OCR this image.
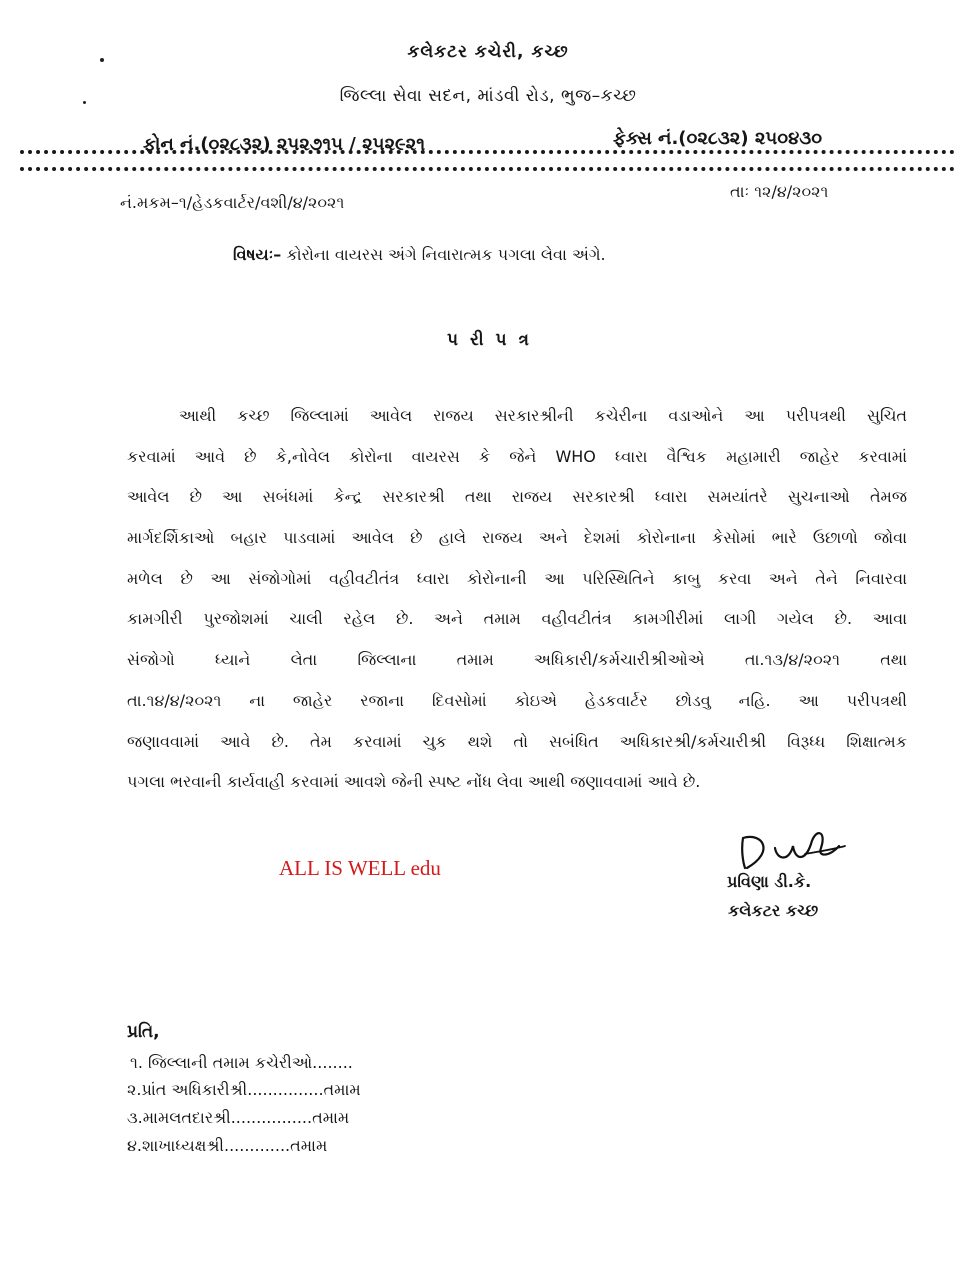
કલેકટર કચેરી, કચ્છ
જિલ્લા સેવા સદન, માંડવી રોડ, ભુજ–કચ્છ
ફોન નં.(૦૨૮૩૨) ૨૫૨૭૧૫ / ૨૫૨૯૨૧	ફેક્સ નં.(૦૨૮૩૨) ૨૫૦૪૩૦
નં.મકમ–૧/હેડકવાર્ટર/વશી/૪/૨૦૨૧
તાઃ ૧૨/૪/૨૦૨૧
વિષયઃ– કોરોના વાયરસ અંગે નિવારાત્મક પગલા લેવા અંગે.
પ રી પ ત્ર
આથી કચ્છ જિલ્લામાં આવેલ રાજય સરકારશ્રીની કચેરીના વડાઓને આ પરીપત્રથી સુચિત
કરવામાં આવે છે કે,નોવેલ કોરોના વાયરસ કે જેને WHO ધ્વારા વૈશ્વિક મહામારી જાહેર કરવામાં
આવેલ છે આ સબંધમાં કેન્દ્ર સરકારશ્રી તથા રાજય સરકારશ્રી ધ્વારા સમયાંતરે સુચનાઓ તેમજ
માર્ગદર્શિકાઓ બહાર પાડવામાં આવેલ છે હાલે રાજય અને દેશમાં કોરોનાના કેસોમાં ભારે ઉછાળો જોવા
મળેલ છે આ સંજોગોમાં વહીવટીતંત્ર ધ્વારા કોરોનાની આ પરિસ્થિતિને કાબુ કરવા અને તેને નિવારવા
કામગીરી પુરજોશમાં ચાલી રહેલ છે. અને તમામ વહીવટીતંત્ર કામગીરીમાં લાગી ગયેલ છે. આવા
સંજોગો ધ્યાને લેતા જિલ્લાના તમામ અધિકારી/કર્મચારીશ્રીઓએ તા.૧૩/૪/૨૦૨૧ તથા
તા.૧૪/૪/૨૦૨૧ ના જાહેર રજાના દિવસોમાં કોઇએ હેડકવાર્ટર છોડવુ નહિ. આ પરીપત્રથી
જણાવવામાં આવે છે. તેમ કરવામાં ચુક થશે તો સબંધિત અધિકારશ્રી/કર્મચારીશ્રી વિરૂધ્ધ શિક્ષાત્મક
પગલા ભરવાની કાર્યવાહી કરવામાં આવશે જેની સ્પષ્ટ નોંધ લેવા આથી જણાવવામાં આવે છે.
ALL IS WELL edu
પ્રવિણા ડી.કે.
કલેકટર કચ્છ
પ્રતિ,
૧. જિલ્લાની તમામ કચેરીઓ........
૨.પ્રાંત અધિકારીશ્રી...............તમામ
૩.મામલતદારશ્રી................તમામ
૪.શાખાધ્યક્ષશ્રી.............તમામ
